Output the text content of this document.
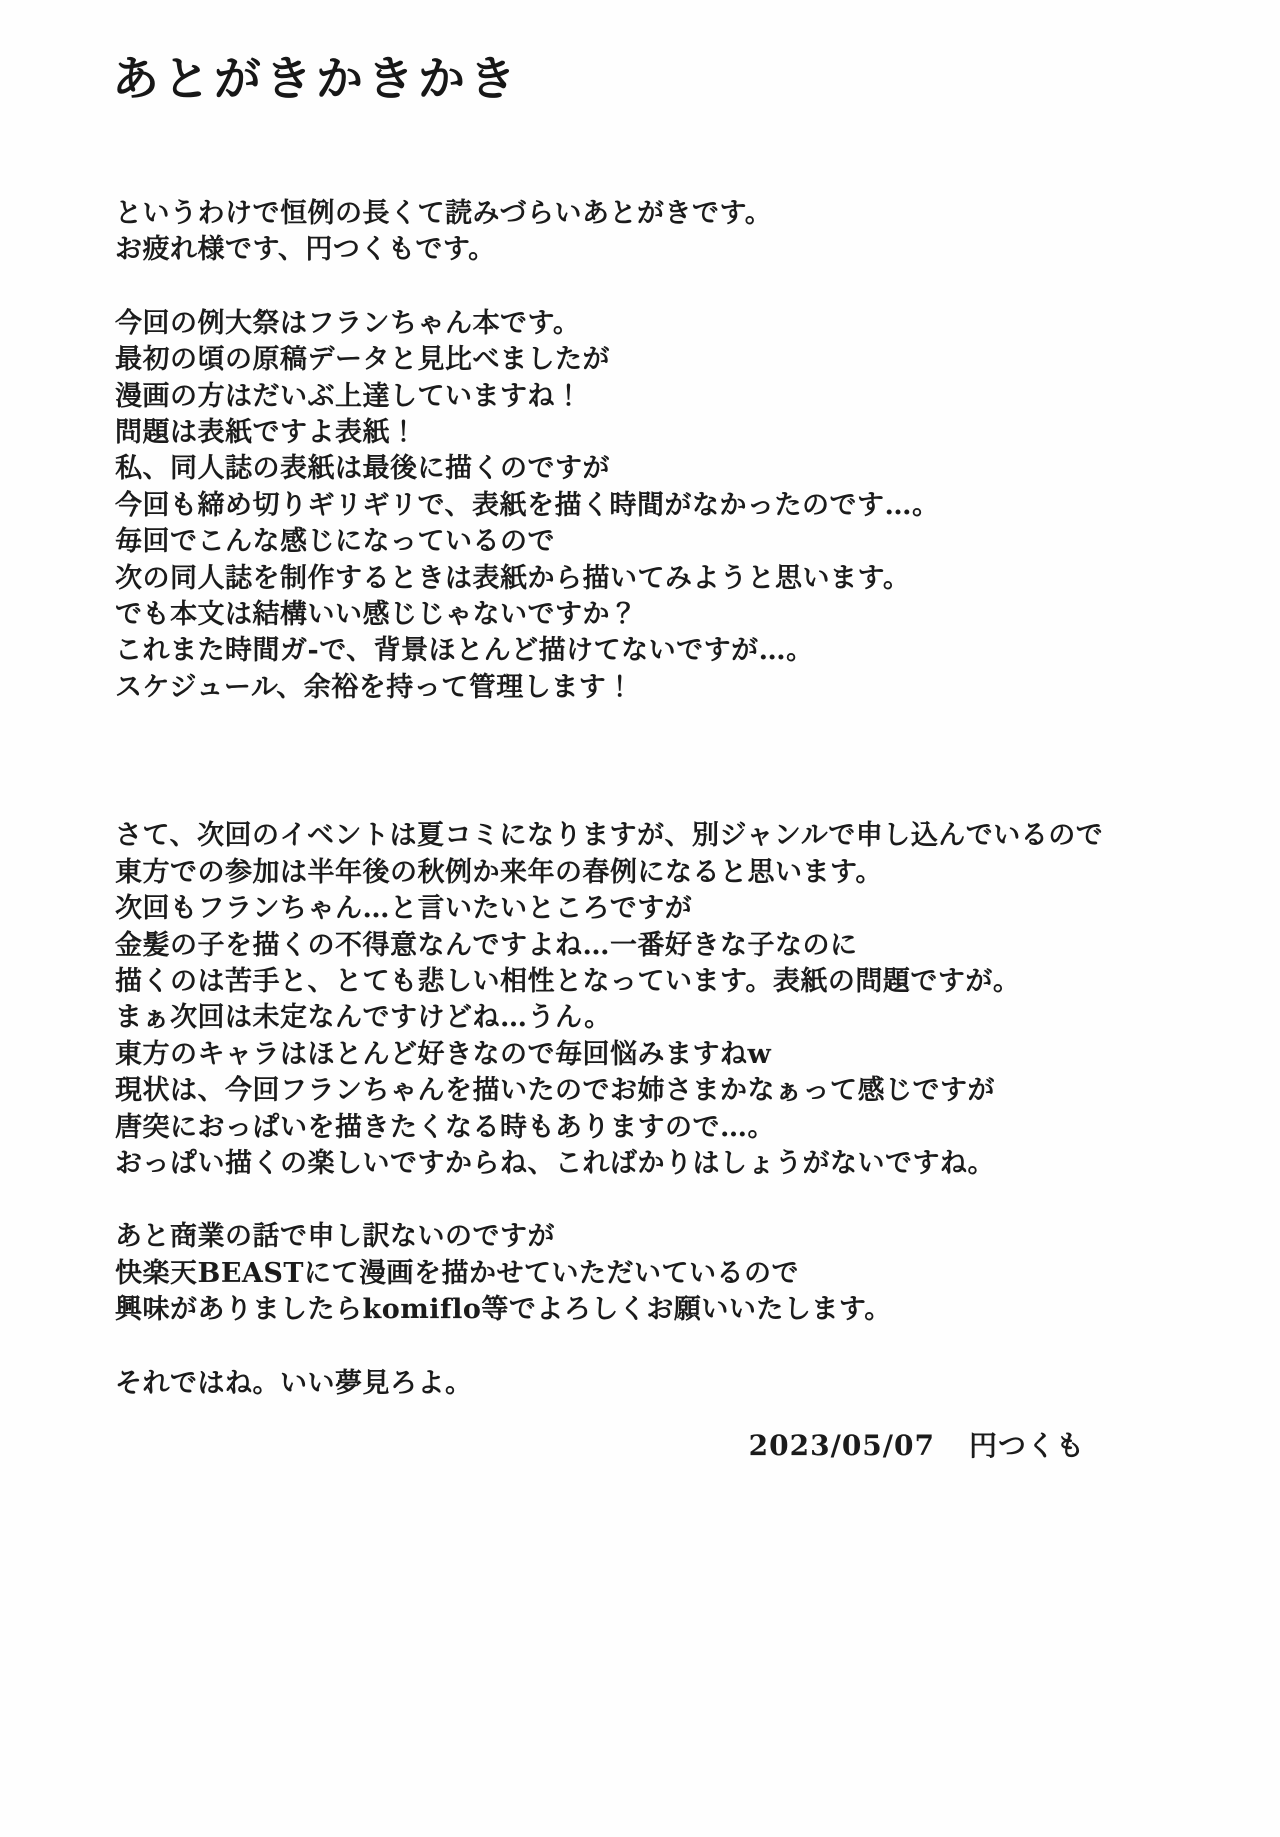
あとがきかきかき
というわけで恒例の長くて読みづらいあとがきです。
お疲れ様です、円つくもです。
今回の例大祭はフランちゃん本です。
最初の頃の原稿データと見比べましたが
漫画の方はだいぶ上達していますね！
問題は表紙ですよ表紙！
私、同人誌の表紙は最後に描くのですが
今回も締め切りギリギリで、表紙を描く時間がなかったのです…。
毎回でこんな感じになっているので
次の同人誌を制作するときは表紙から描いてみようと思います。
でも本文は結構いい感じじゃないですか？
これまた時間ガ-で、背景ほとんど描けてないですが…。
スケジュール、余裕を持って管理します！
さて、次回のイベントは夏コミになりますが、別ジャンルで申し込んでいるので
東方での参加は半年後の秋例か来年の春例になると思います。
次回もフランちゃん…と言いたいところですが
金髪の子を描くの不得意なんですよね…一番好きな子なのに
描くのは苦手と、とても悲しい相性となっています。表紙の問題ですが。
まぁ次回は未定なんですけどね…うん。
東方のキャラはほとんど好きなので毎回悩みますねw
現状は、今回フランちゃんを描いたのでお姉さまかなぁって感じですが
唐突におっぱいを描きたくなる時もありますので…。
おっぱい描くの楽しいですからね、こればかりはしょうがないですね。
あと商業の話で申し訳ないのですが
快楽天BEASTにて漫画を描かせていただいているので
興味がありましたらkomiflo等でよろしくお願いいたします。
それではね。いい夢見ろよ。
2023/05/07 円つくも
